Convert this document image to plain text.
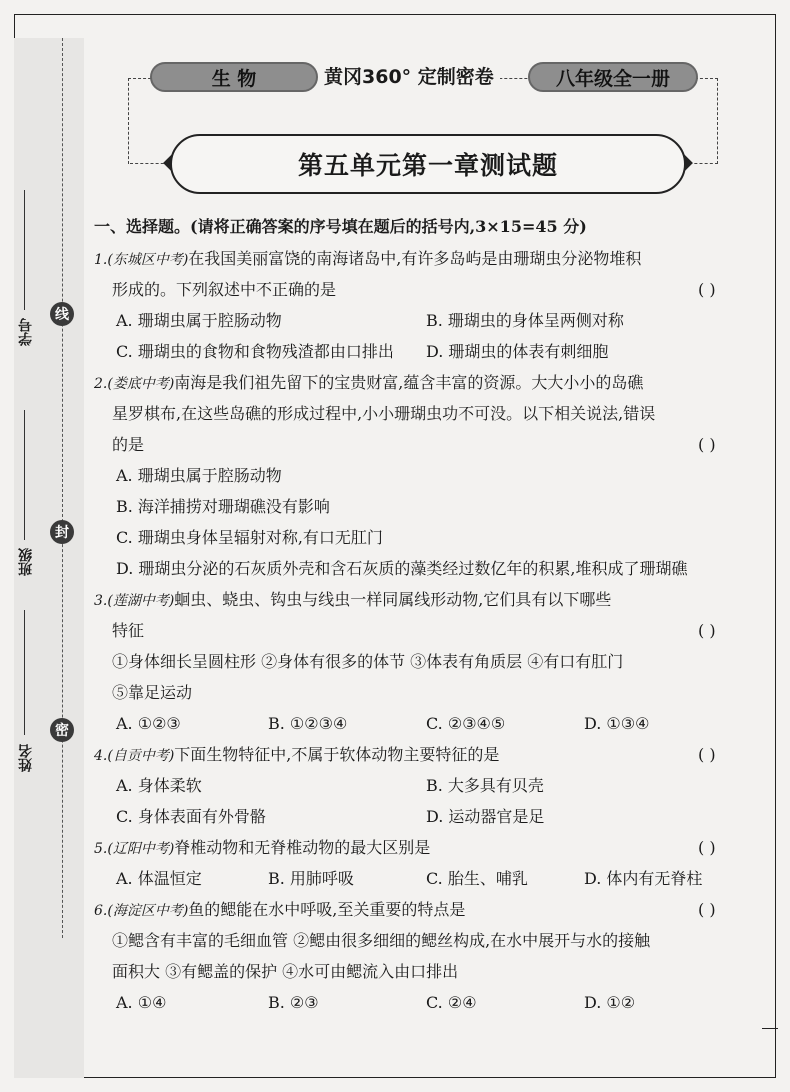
线
封
密
学号
班级
姓名
生 物	黄冈360° 定制密卷	八年级全一册
第五单元第一章测试题
一、选择题。(请将正确答案的序号填在题后的括号内,3×15=45 分)
1.(东城区中考)在我国美丽富饶的南海诸岛中,有许多岛屿是由珊瑚虫分泌物堆积
形成的。下列叙述中不正确的是	( )
A. 珊瑚虫属于腔肠动物	B. 珊瑚虫的身体呈两侧对称
C. 珊瑚虫的食物和食物残渣都由口排出 D. 珊瑚虫的体表有刺细胞
2.(娄底中考)南海是我们祖先留下的宝贵财富,蕴含丰富的资源。大大小小的岛礁
星罗棋布,在这些岛礁的形成过程中,小小珊瑚虫功不可没。以下相关说法,错误
的是	( )
A. 珊瑚虫属于腔肠动物
B. 海洋捕捞对珊瑚礁没有影响
C. 珊瑚虫身体呈辐射对称,有口无肛门
D. 珊瑚虫分泌的石灰质外壳和含石灰质的藻类经过数亿年的积累,堆积成了珊瑚礁
3.(莲湖中考)蛔虫、蛲虫、钩虫与线虫一样同属线形动物,它们具有以下哪些
特征	( )
①身体细长呈圆柱形 ②身体有很多的体节 ③体表有角质层 ④有口有肛门
⑤靠足运动
A. ①②③	B. ①②③④	C. ②③④⑤	D. ①③④
4.(自贡中考)下面生物特征中,不属于软体动物主要特征的是	( )
A. 身体柔软	B. 大多具有贝壳
C. 身体表面有外骨骼	D. 运动器官是足
5.(辽阳中考)脊椎动物和无脊椎动物的最大区别是	( )
A. 体温恒定	B. 用肺呼吸	C. 胎生、哺乳	D. 体内有无脊柱
6.(海淀区中考)鱼的鳃能在水中呼吸,至关重要的特点是	( )
①鳃含有丰富的毛细血管 ②鳃由很多细细的鳃丝构成,在水中展开与水的接触
面积大 ③有鳃盖的保护 ④水可由鳃流入由口排出
A. ①④	B. ②③	C. ②④	D. ①②
